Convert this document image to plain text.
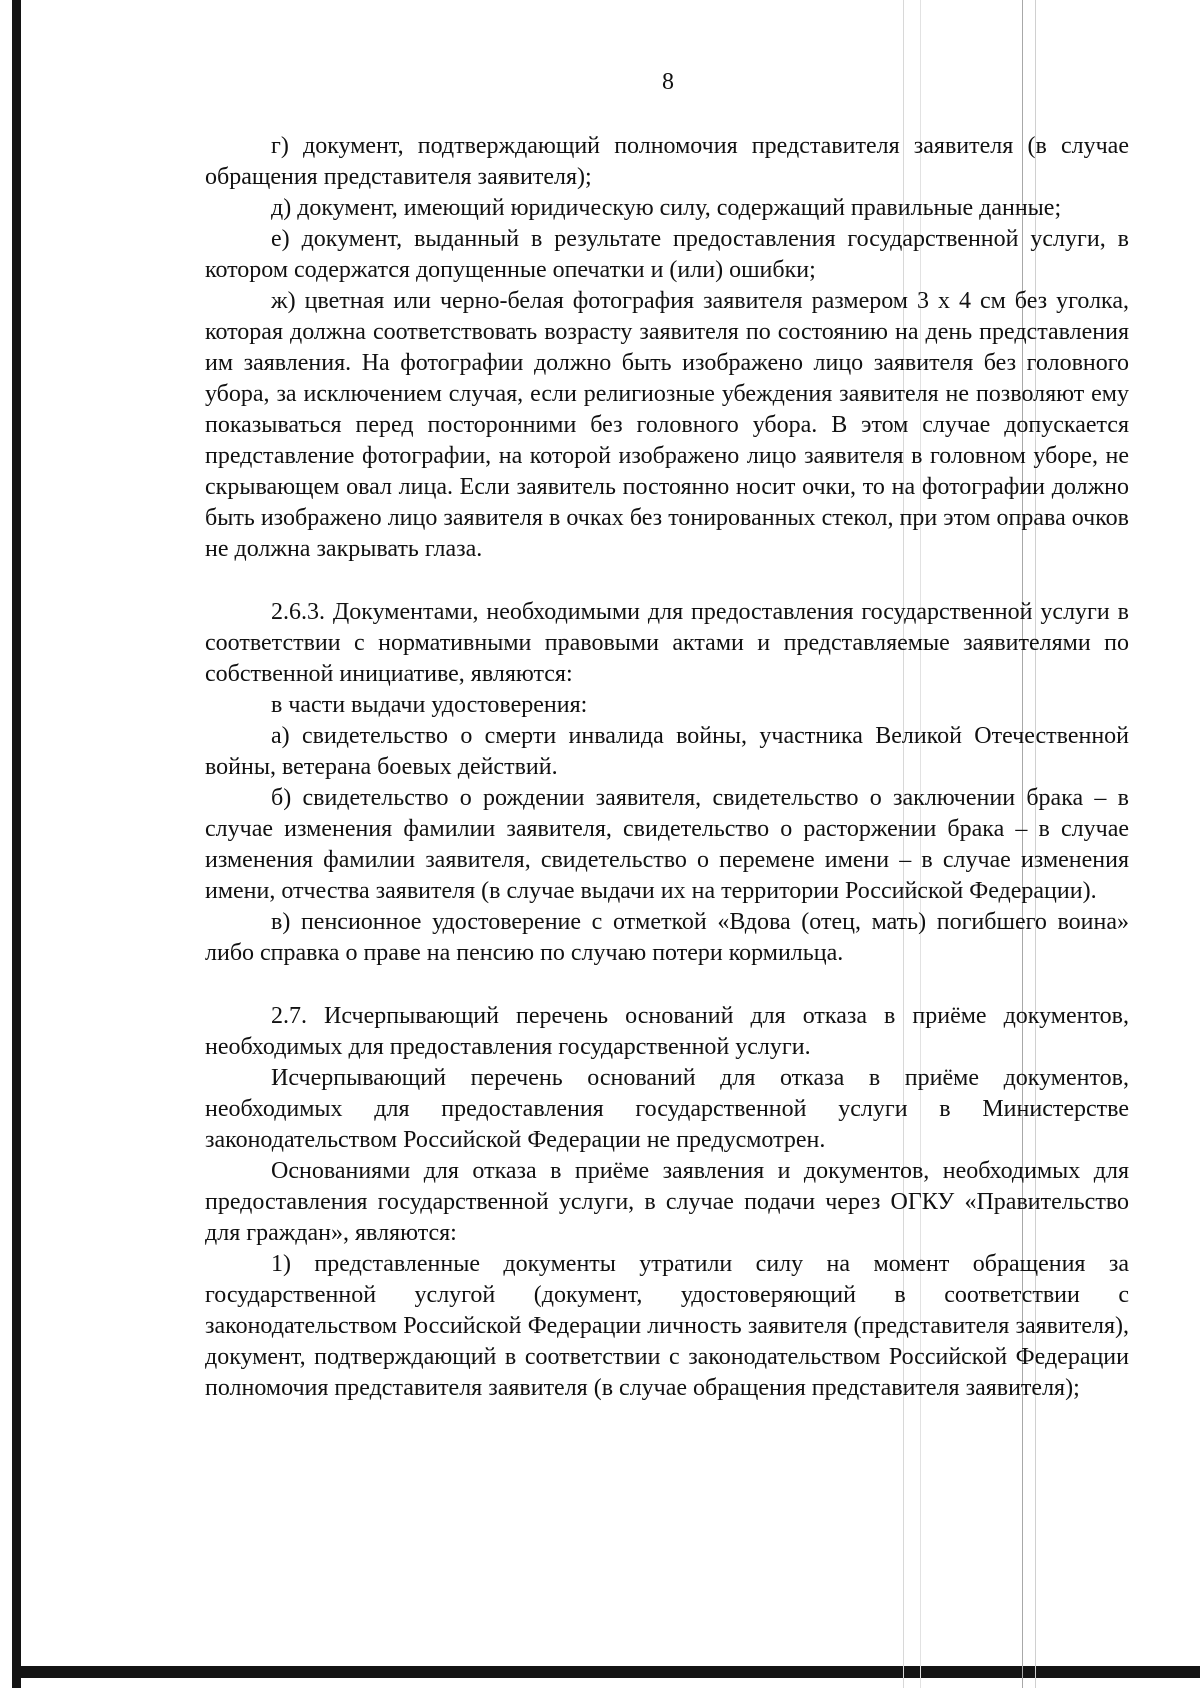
8

г) документ, подтверждающий полномочия представителя заявителя (в случае обращения представителя заявителя);

д) документ, имеющий юридическую силу, содержащий правильные данные;

е) документ, выданный в результате предоставления государственной услуги, в котором содержатся допущенные опечатки и (или) ошибки;

ж) цветная или черно-белая фотография заявителя размером 3 х 4 см без уголка, которая должна соответствовать возрасту заявителя по состоянию на день представления им заявления. На фотографии должно быть изображено лицо заявителя без головного убора, за исключением случая, если религиозные убеждения заявителя не позволяют ему показываться перед посторонними без головного убора. В этом случае допускается представление фотографии, на которой изображено лицо заявителя в головном уборе, не скрывающем овал лица. Если заявитель постоянно носит очки, то на фотографии должно быть изображено лицо заявителя в очках без тонированных стекол, при этом оправа очков не должна закрывать глаза.

2.6.3. Документами, необходимыми для предоставления государственной услуги в соответствии с нормативными правовыми актами и представляемые заявителями по собственной инициативе, являются:

в части выдачи удостоверения:

а) свидетельство о смерти инвалида войны, участника Великой Отечественной войны, ветерана боевых действий.

б) свидетельство о рождении заявителя, свидетельство о заключении брака – в случае изменения фамилии заявителя, свидетельство о расторжении брака – в случае изменения фамилии заявителя, свидетельство о перемене имени – в случае изменения имени, отчества заявителя (в случае выдачи их на территории Российской Федерации).

в) пенсионное удостоверение с отметкой «Вдова (отец, мать) погибшего воина» либо справка о праве на пенсию по случаю потери кормильца.

2.7. Исчерпывающий перечень оснований для отказа в приёме документов, необходимых для предоставления государственной услуги.

Исчерпывающий перечень оснований для отказа в приёме документов, необходимых для предоставления государственной услуги в Министерстве законодательством Российской Федерации не предусмотрен.

Основаниями для отказа в приёме заявления и документов, необходимых для предоставления государственной услуги, в случае подачи через ОГКУ «Правительство для граждан», являются:

1) представленные документы утратили силу на момент обращения за государственной услугой (документ, удостоверяющий в соответствии с законодательством Российской Федерации личность заявителя (представителя заявителя), документ, подтверждающий в соответствии с законодательством Российской Федерации полномочия представителя заявителя (в случае обращения представителя заявителя);
